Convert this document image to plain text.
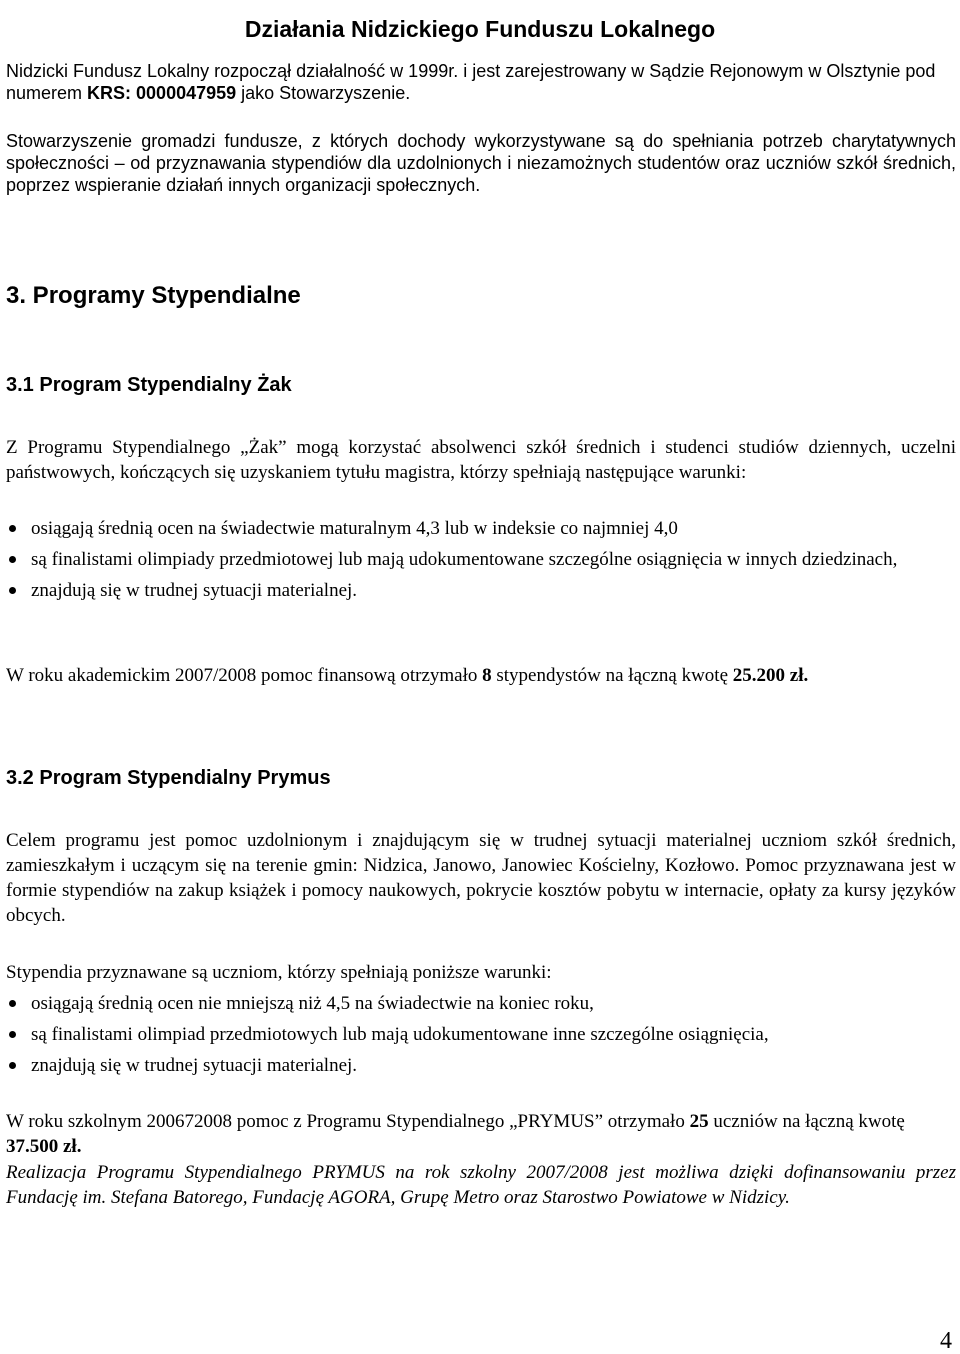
Działania Nidzickiego Funduszu Lokalnego

Nidzicki Fundusz Lokalny rozpoczął działalność w 1999r. i jest zarejestrowany w Sądzie Rejonowym w Olsztynie pod numerem KRS: 0000047959 jako Stowarzyszenie.

Stowarzyszenie gromadzi fundusze, z których dochody wykorzystywane są do spełniania potrzeb charytatywnych społeczności – od przyznawania stypendiów dla uzdolnionych i niezamożnych studentów oraz uczniów szkół średnich, poprzez wspieranie działań innych organizacji społecznych.

3. Programy Stypendialne
3.1 Program Stypendialny Żak

Z Programu Stypendialnego „Żak” mogą korzystać absolwenci szkół średnich i studenci studiów dziennych, uczelni państwowych, kończących się uzyskaniem tytułu magistra, którzy spełniają następujące warunki:

osiągają średnią ocen na świadectwie maturalnym 4,3 lub w indeksie co najmniej 4,0
są finalistami olimpiady przedmiotowej lub mają udokumentowane szczególne osiągnięcia w innych dziedzinach,
znajdują się w trudnej sytuacji materialnej.

W roku akademickim 2007/2008 pomoc finansową otrzymało 8 stypendystów na łączną kwotę 25.200 zł.

3.2 Program Stypendialny Prymus

Celem programu jest pomoc uzdolnionym i znajdującym się w trudnej sytuacji materialnej uczniom szkół średnich, zamieszkałym i uczącym się na terenie gmin: Nidzica, Janowo, Janowiec Kościelny, Kozłowo. Pomoc przyznawana jest w formie stypendiów na zakup książek i pomocy naukowych, pokrycie kosztów pobytu w internacie, opłaty za kursy języków obcych.

Stypendia przyznawane są uczniom, którzy spełniają poniższe warunki:

osiągają średnią ocen nie mniejszą niż 4,5 na świadectwie na koniec roku,
są finalistami olimpiad przedmiotowych lub mają udokumentowane inne szczególne osiągnięcia,
znajdują się w trudnej sytuacji materialnej.

W roku szkolnym 200672008 pomoc z Programu Stypendialnego „PRYMUS” otrzymało 25 uczniów na łączną kwotę 37.500 zł.

Realizacja Programu Stypendialnego PRYMUS na rok szkolny 2007/2008 jest możliwa dzięki dofinansowaniu przez Fundację im. Stefana Batorego, Fundację AGORA, Grupę Metro oraz Starostwo Powiatowe w Nidzicy.

4
